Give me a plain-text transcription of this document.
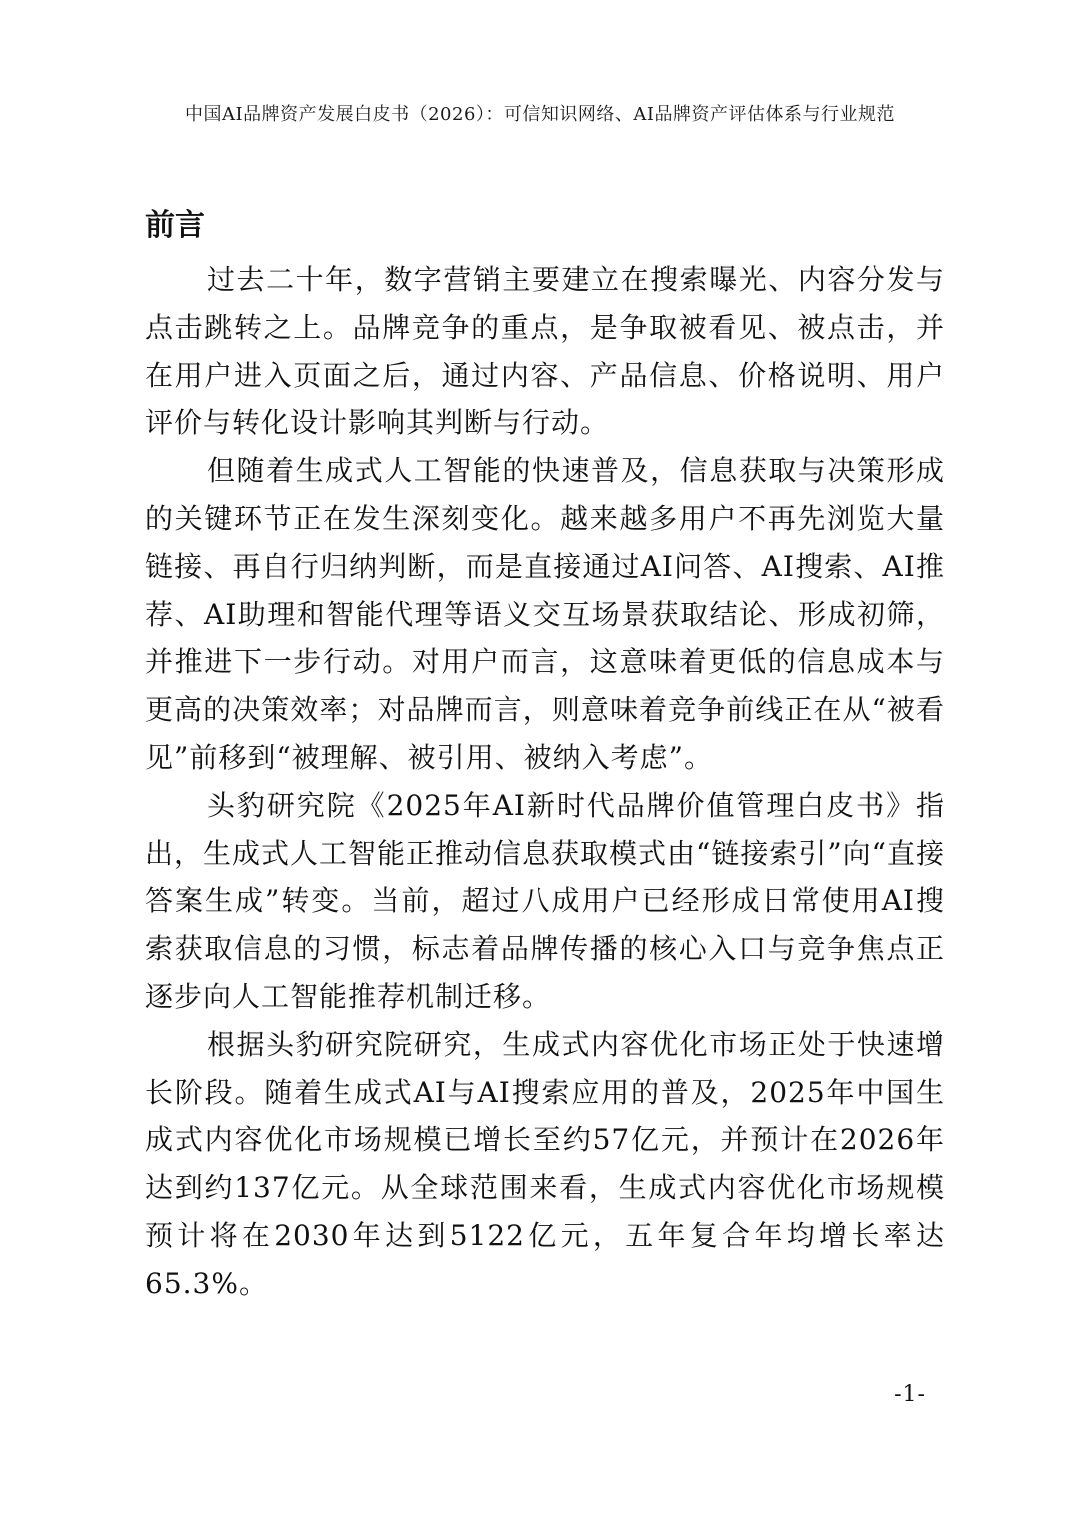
中国AI品牌资产发展白皮书（2026）：可信知识网络、AI品牌资产评估体系与行业规范
前言

过去二十年，数字营销主要建立在搜索曝光、内容分发与点击跳转之上。品牌竞争的重点，是争取被看见、被点击，并在用户进入页面之后，通过内容、产品信息、价格说明、用户评价与转化设计影响其判断与行动。

但随着生成式人工智能的快速普及，信息获取与决策形成的关键环节正在发生深刻变化。越来越多用户不再先浏览大量链接、再自行归纳判断，而是直接通过AI问答、AI搜索、AI推荐、AI助理和智能代理等语义交互场景获取结论、形成初筛，并推进下一步行动。对用户而言，这意味着更低的信息成本与更高的决策效率；对品牌而言，则意味着竞争前线正在从“被看见”前移到“被理解、被引用、被纳入考虑”。

头豹研究院《2025年AI新时代品牌价值管理白皮书》指出，生成式人工智能正推动信息获取模式由“链接索引”向“直接答案生成”转变。当前，超过八成用户已经形成日常使用AI搜索获取信息的习惯，标志着品牌传播的核心入口与竞争焦点正逐步向人工智能推荐机制迁移。

根据头豹研究院研究，生成式内容优化市场正处于快速增长阶段。随着生成式AI与AI搜索应用的普及，2025年中国生成式内容优化市场规模已增长至约57亿元，并预计在2026年达到约137亿元。从全球范围来看，生成式内容优化市场规模预计将在2030年达到5122亿元，五年复合年均增长率达65.3%。

-1-
